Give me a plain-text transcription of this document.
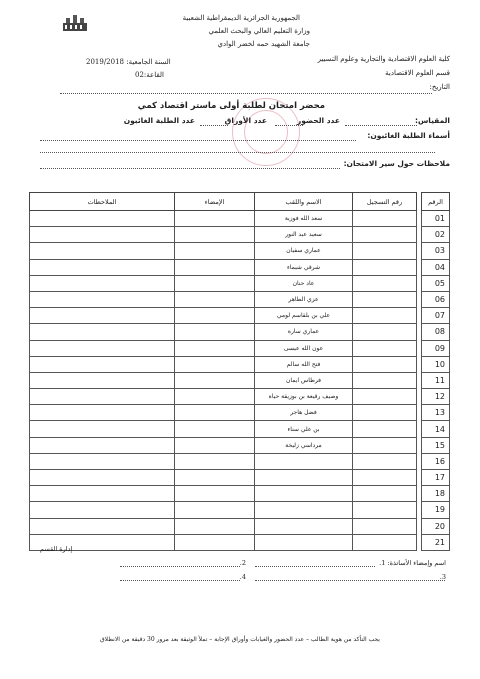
الجمهورية الجزائرية الديمقراطية الشعبية
وزارة التعليم العالي والبحث العلمي
جامعة الشهيد حمه لخضر الوادي
كلية العلوم الاقتصادية والتجارية وعلوم التسيير
السنة الجامعية: 2019/2018
قسم العلوم الاقتصادية
القاعة:02
التاريخ:
محضر امتحان لطلبة أولى ماستر اقتصاد كمي
المقياس:
عدد الحضور
عدد الأوراق
عدد الطلبة الغائبون
أسماء الطلبة الغائبون:
ملاحظات حول سير الامتحان:
الرقم		رقم التسجيل	الاسم واللقب	الإمضاء	الملاحظات
01			سعد الله فوزية		
02			سعيد عبد النور		
03			عماري سفيان		
04			شرقي شيماء		
05			عاد حنان		
06			عزي الطاهر		
07			علي بن بلقاسم لومي		
08			عماري سارة		
09			عون الله عيسى		
10			فتح الله سالم		
11			فرطاس ايمان		
12			وصيف رقيعة بن بوزيقة حياة		
13			فضل هاجر		
14			بن علي سناء		
15			مرداسي زليخة		
16					
17					
18					
19					
20					
21					
اسم وإمضاء الأساتذة: 1.
2.
3.
4.
إدارة القسم
يجب التأكد من هوية الطالب – عدد الحضور والغيابات وأوراق الإجابة – تملأ الوثيقة بعد مرور 30 دقيقة من الانطلاق
